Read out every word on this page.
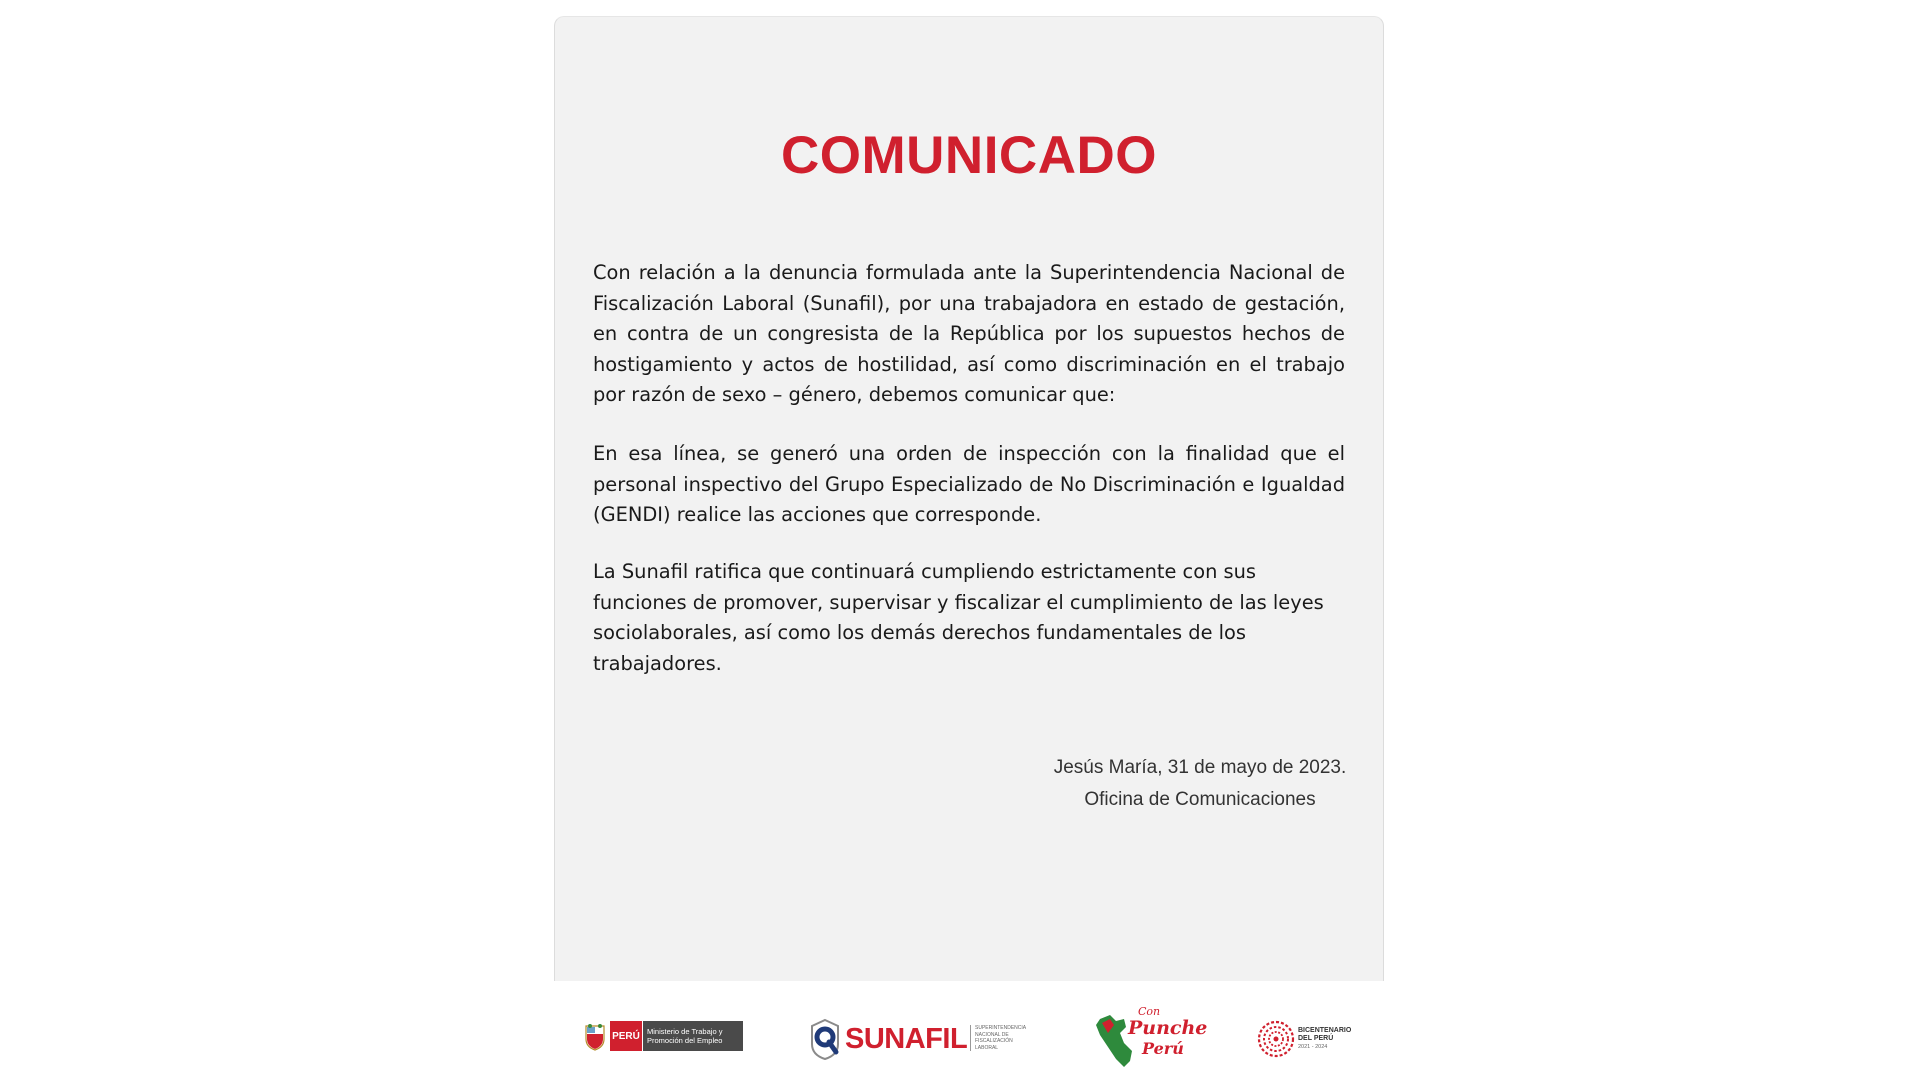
COMUNICADO

Con relación a la denuncia formulada ante la Superintendencia Nacional de Fiscalización Laboral (Sunafil), por una trabajadora en estado de gestación, en contra de un congresista de la República por los supuestos hechos de hostigamiento y actos de hostilidad, así como discriminación en el trabajo por razón de sexo – género, debemos comunicar que:

En esa línea, se generó una orden de inspección con la finalidad que el personal inspectivo del Grupo Especializado de No Discriminación e Igualdad (GENDI) realice las acciones que corresponde.

La Sunafil ratifica que continuará cumpliendo estrictamente con sus funciones de promover, supervisar y fiscalizar el cumplimiento de las leyes sociolaborales, así como los demás derechos fundamentales de los trabajadores.

Jesús María, 31 de mayo de 2023.

Oficina de Comunicaciones

PERÚ Ministerio de Trabajo y Promoción del Empleo	SUNAFIL SUPERINTENDENCIA NACIONAL DE FISCALIZACIÓN LABORAL
Con
Punche
Perú
BICENTENARIO
DEL PERÚ
2021 - 2024
